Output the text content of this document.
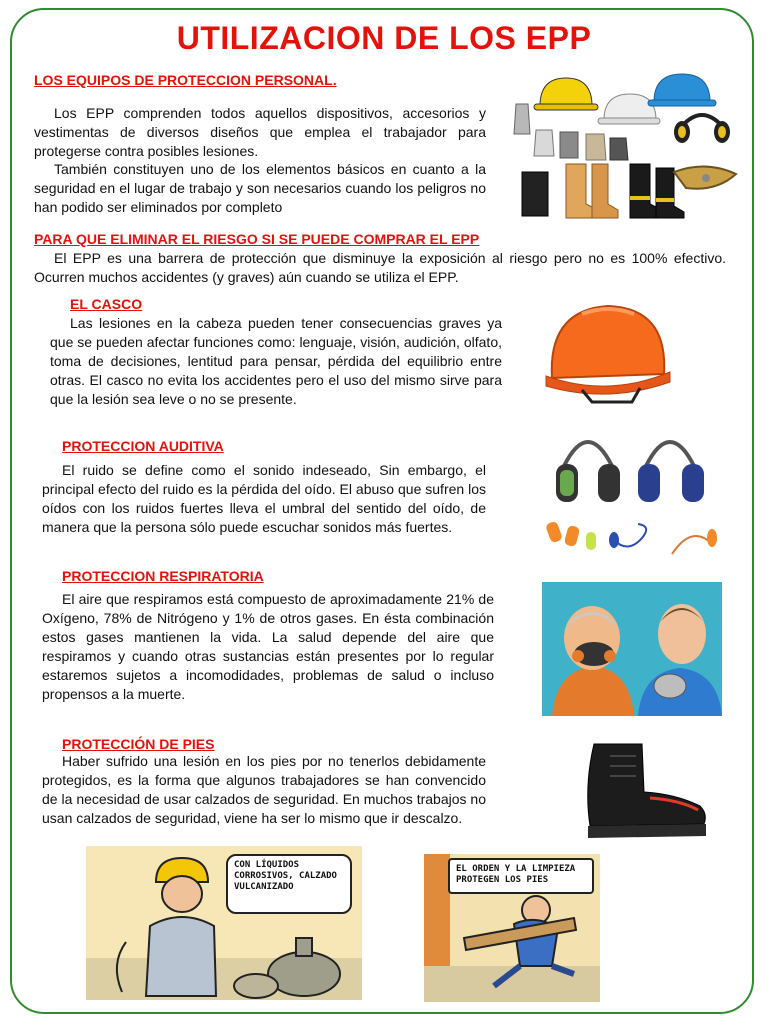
UTILIZACION DE LOS EPP
LOS EQUIPOS DE PROTECCION PERSONAL.

Los EPP comprenden todos aquellos dispositivos, accesorios y vestimentas de diversos diseños que emplea el trabajador para protegerse contra posibles lesiones.

También constituyen uno de los elementos básicos en cuanto a la seguridad en el lugar de trabajo y son necesarios cuando los peligros no han podido ser eliminados por completo

PARA QUE ELIMINAR EL RIESGO SI SE PUEDE COMPRAR EL EPP

El EPP es una barrera de protección que disminuye la exposición al riesgo pero no es 100% efectivo. Ocurren muchos accidentes (y graves) aún cuando se utiliza el EPP.

EL CASCO

Las lesiones en la cabeza pueden tener consecuencias graves ya que se pueden afectar funciones como: lenguaje, visión, audición, olfato, toma de decisiones, lentitud para pensar, pérdida del equilibrio entre otras. El casco no evita los accidentes pero el uso del mismo sirve para que la lesión sea leve o no se presente.

PROTECCION AUDITIVA

El ruido se define como el sonido indeseado, Sin embargo, el principal efecto del ruido es la pérdida del oído. El abuso que sufren los oídos con los ruidos fuertes lleva el umbral del sentido del oído, de manera que la persona sólo puede escuchar sonidos más fuertes.

PROTECCION RESPIRATORIA

El aire que respiramos está compuesto de aproximadamente 21% de Oxígeno, 78% de Nitrógeno y 1% de otros gases. En ésta combinación estos gases mantienen la vida. La salud depende del aire que respiramos y cuando otras sustancias están presentes por lo regular estaremos sujetos a incomodidades, problemas de salud o incluso propensos a la muerte.

PROTECCIÓN DE PIES

Haber sufrido una lesión en los pies por no tenerlos debidamente protegidos, es la forma que algunos trabajadores se han convencido de la necesidad de usar calzados de seguridad. En muchos trabajos no usan calzados de seguridad, viene ha ser lo mismo que ir descalzo.

CON LÍQUIDOS CORROSIVOS, CALZADO VULCANIZADO
EL ORDEN Y LA LIMPIEZA PROTEGEN LOS PIES
